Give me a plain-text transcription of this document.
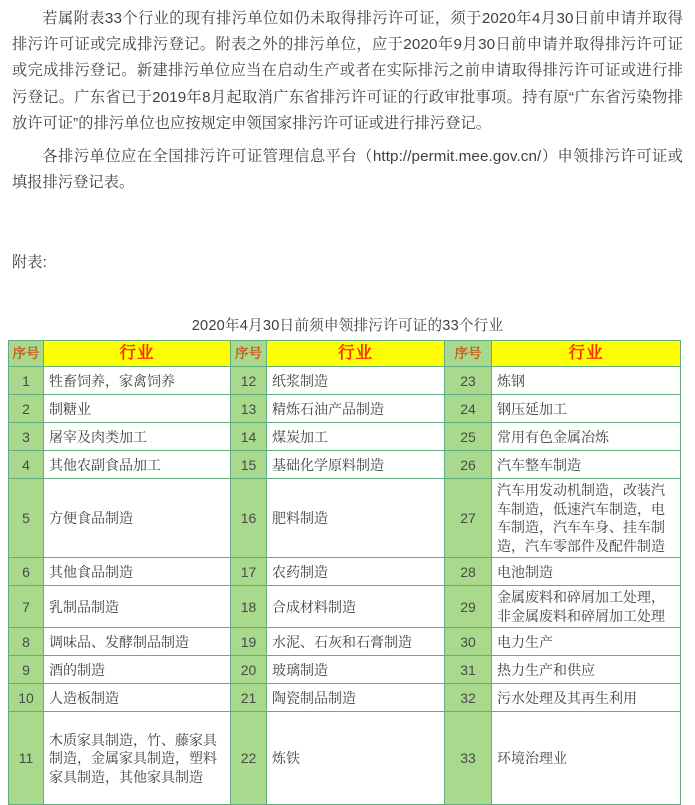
若属附表33个行业的现有排污单位如仍未取得排污许可证，须于2020年4月30日前申请并取得排污许可证或完成排污登记。附表之外的排污单位，应于2020年9月30日前申请并取得排污许可证或完成排污登记。新建排污单位应当在启动生产或者在实际排污之前申请取得排污许可证或进行排污登记。广东省已于2019年8月起取消广东省排污许可证的行政审批事项。持有原“广东省污染物排放许可证”的排污单位也应按规定申领国家排污许可证或进行排污登记。

各排污单位应在全国排污许可证管理信息平台（http://permit.mee.gov.cn/）申领排污许可证或填报排污登记表。

附表:

2020年4月30日前须申领排污许可证的33个行业
序号	行业	序号	行业	序号	行业
1	牲畜饲养，家禽饲养	12	纸浆制造	23	炼钢
2	制糖业	13	精炼石油产品制造	24	钢压延加工
3	屠宰及肉类加工	14	煤炭加工	25	常用有色金属冶炼
4	其他农副食品加工	15	基础化学原料制造	26	汽车整车制造
5	方便食品制造	16	肥料制造	27	汽车用发动机制造，改装汽车制造，低速汽车制造，电车制造，汽车车身、挂车制造，汽车零部件及配件制造
6	其他食品制造	17	农药制造	28	电池制造
7	乳制品制造	18	合成材料制造	29	金属废料和碎屑加工处理，非金属废料和碎屑加工处理
8	调味品、发酵制品制造	19	水泥、石灰和石膏制造	30	电力生产
9	酒的制造	20	玻璃制造	31	热力生产和供应
10	人造板制造	21	陶瓷制品制造	32	污水处理及其再生利用
11	木质家具制造，竹、藤家具制造，金属家具制造，塑料家具制造，其他家具制造	22	炼铁	33	环境治理业
